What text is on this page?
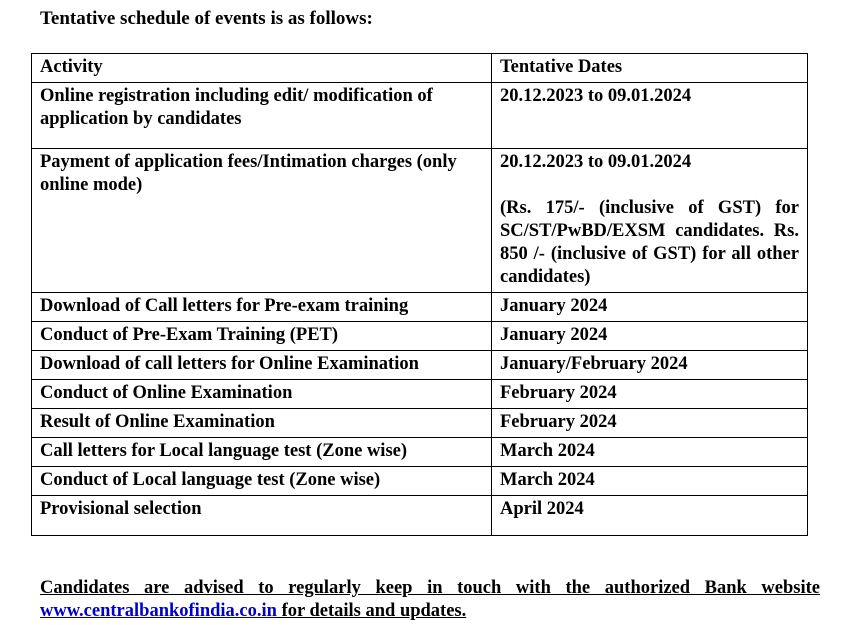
Tentative schedule of events is as follows:

Activity	Tentative Dates
Online registration including edit/ modification of application by candidates	20.12.2023 to 09.01.2024
Payment of application fees/Intimation charges (only online mode)	20.12.2023 to 09.01.2024
(Rs. 175/- (inclusive of GST) for SC/ST/PwBD/EXSM candidates. Rs. 850 /- (inclusive of GST) for all other candidates)

Download of Call letters for Pre-exam training	January 2024
Conduct of Pre-Exam Training (PET)	January 2024
Download of call letters for Online Examination	January/February 2024
Conduct of Online Examination	February 2024
Result of Online Examination	February 2024
Call letters for Local language test (Zone wise)	March 2024
Conduct of Local language test (Zone wise)	March 2024
Provisional selection	April 2024

Candidates are advised to regularly keep in touch with the authorized Bank website www.centralbankofindia.co.in for details and updates.
